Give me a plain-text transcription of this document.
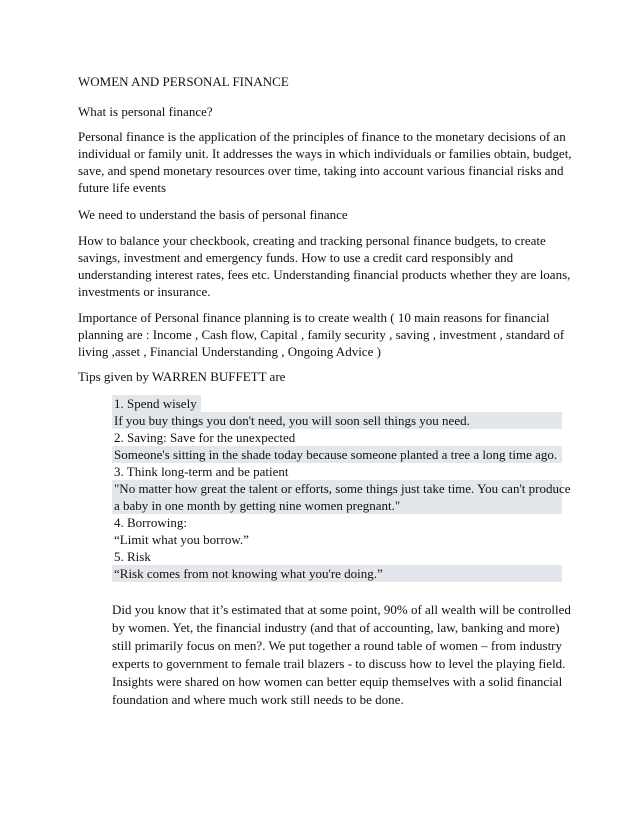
WOMEN AND PERSONAL FINANCE

What is personal finance?

Personal finance is the application of the principles of finance to the monetary decisions of an
individual or family unit. It addresses the ways in which individuals or families obtain, budget,
save, and spend monetary resources over time, taking into account various financial risks and
future life events

We need to understand the basis of personal finance

How to balance your checkbook, creating and tracking personal finance budgets, to create
savings, investment and emergency funds. How to use a credit card responsibly and
understanding interest rates, fees etc. Understanding financial products whether they are loans,
investments or insurance.
Importance of Personal finance planning is to create wealth ( 10 main reasons for financial
planning are : Income , Cash flow, Capital , family security , saving , investment , standard of
living ,asset , Financial Understanding , Ongoing Advice )

Tips given by WARREN BUFFETT are

1. Spend wisely
If you buy things you don't need, you will soon sell things you need.
2. Saving: Save for the unexpected
Someone's sitting in the shade today because someone planted a tree a long time ago.
3. Think long-term and be patient
"No matter how great the talent or efforts, some things just take time. You can't produce
a baby in one month by getting nine women pregnant."
4. Borrowing:
“Limit what you borrow.”
5. Risk
“Risk comes from not knowing what you're doing.”
Did you know that it’s estimated that at some point, 90% of all wealth will be controlled
by women. Yet, the financial industry (and that of accounting, law, banking and more)
still primarily focus on men?. We put together a round table of women – from industry
experts to government to female trail blazers - to discuss how to level the playing field.
Insights were shared on how women can better equip themselves with a solid financial
foundation and where much work still needs to be done.
